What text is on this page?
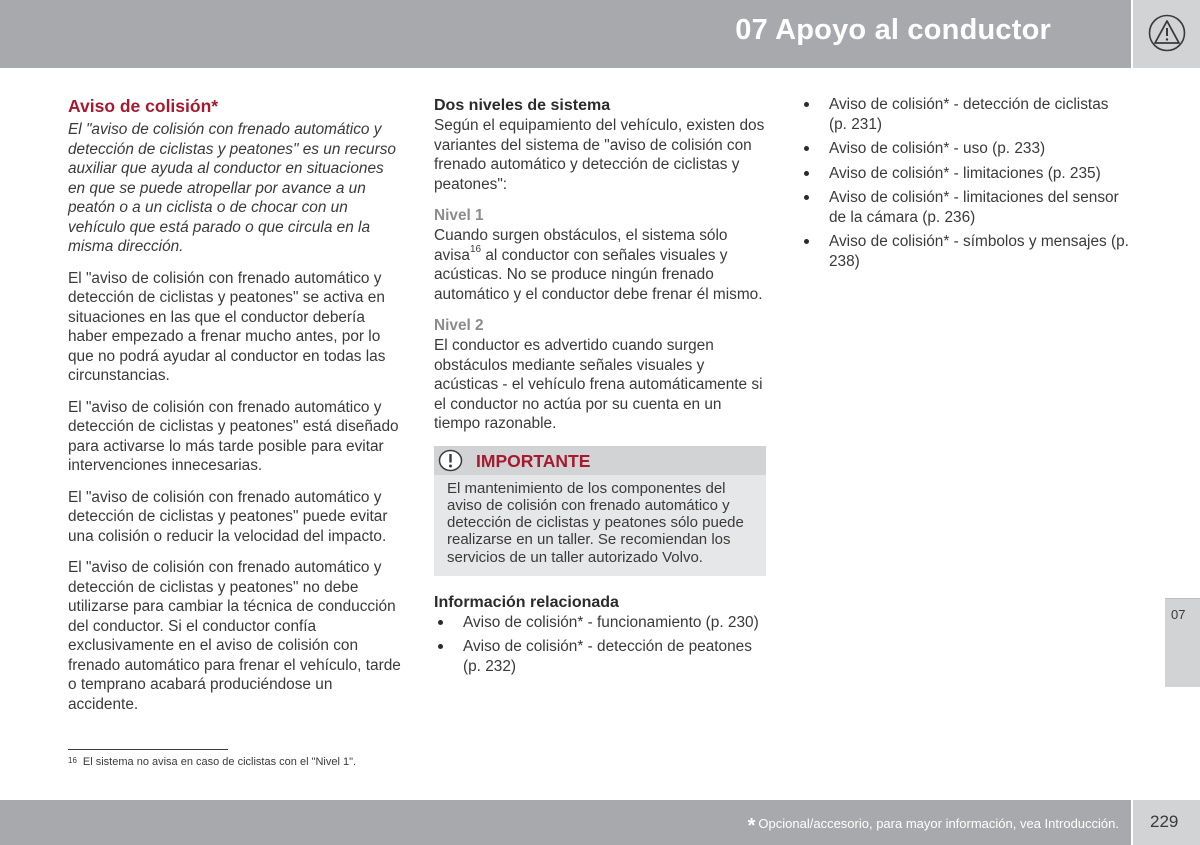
07 Apoyo al conductor
Aviso de colisión*

El "aviso de colisión con frenado automático y detección de ciclistas y peatones" es un recurso auxiliar que ayuda al conductor en situaciones en que se puede atropellar por avance a un peatón o a un ciclista o de chocar con un vehículo que está parado o que circula en la misma dirección.

El "aviso de colisión con frenado automático y detección de ciclistas y peatones" se activa en situaciones en las que el conductor debería haber empezado a frenar mucho antes, por lo que no podrá ayudar al conductor en todas las circunstancias.

El "aviso de colisión con frenado automático y detección de ciclistas y peatones" está diseñado para activarse lo más tarde posible para evitar intervenciones innecesarias.

El "aviso de colisión con frenado automático y detección de ciclistas y peatones" puede evitar una colisión o reducir la velocidad del impacto.

El "aviso de colisión con frenado automático y detección de ciclistas y peatones" no debe utilizarse para cambiar la técnica de conducción del conductor. Si el conductor confía exclusivamente en el aviso de colisión con frenado automático para frenar el vehículo, tarde o temprano acabará produciéndose un accidente.

Dos niveles de sistema

Según el equipamiento del vehículo, existen dos variantes del sistema de "aviso de colisión con frenado automático y detección de ciclistas y peatones":

Nivel 1

Cuando surgen obstáculos, el sistema sólo avisa$^{16}$ al conductor con señales visuales y acústicas. No se produce ningún frenado automático y el conductor debe frenar él mismo.

Nivel 2

El conductor es advertido cuando surgen obstáculos mediante señales visuales y acústicas - el vehículo frena automáticamente si el conductor no actúa por su cuenta en un tiempo razonable.

IMPORTANTE
El mantenimiento de los componentes del aviso de colisión con frenado automático y detección de ciclistas y peatones sólo puede realizarse en un taller. Se recomiendan los servicios de un taller autorizado Volvo.
Información relacionada
Aviso de colisión* - funcionamiento (p. 230)
Aviso de colisión* - detección de peatones (p. 232)
Aviso de colisión* - detección de ciclistas (p. 231)
Aviso de colisión* - uso (p. 233)
Aviso de colisión* - limitaciones (p. 235)
Aviso de colisión* - limitaciones del sensor de la cámara (p. 236)
Aviso de colisión* - símbolos y mensajes (p. 238)
$^{16}$ El sistema no avisa en caso de ciclistas con el "Nivel 1".
07
* Opcional/accesorio, para mayor información, vea Introducción. 229
